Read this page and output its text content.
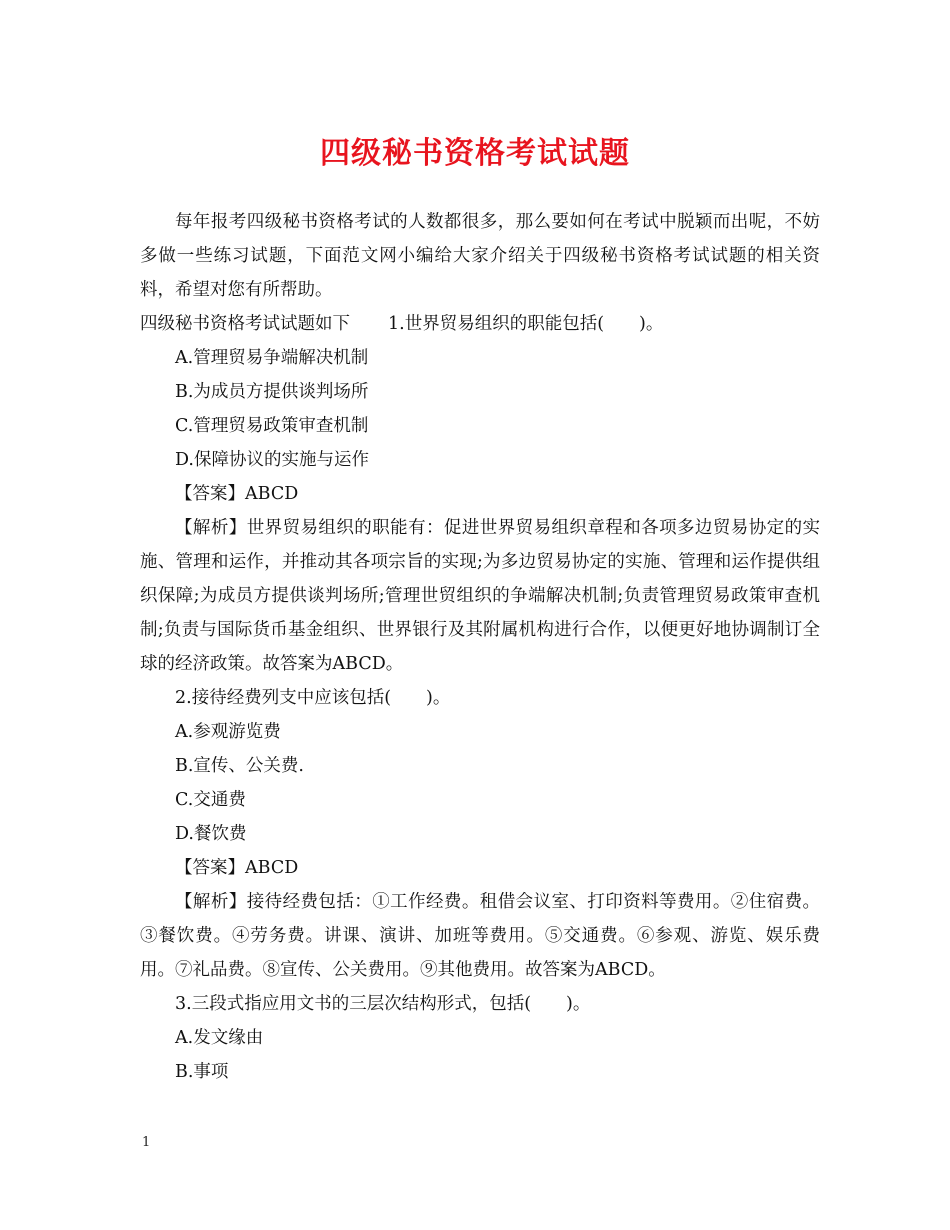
四级秘书资格考试试题

每年报考四级秘书资格考试的人数都很多，那么要如何在考试中脱颖而出呢，不妨多做一些练习试题，下面范文网小编给大家介绍关于四级秘书资格考试试题的相关资料，希望对您有所帮助。

四级秘书资格考试试题如下 1.世界贸易组织的职能包括(　　)。

A.管理贸易争端解决机制

B.为成员方提供谈判场所

C.管理贸易政策审查机制

D.保障协议的实施与运作

【答案】ABCD

【解析】世界贸易组织的职能有：促进世界贸易组织章程和各项多边贸易协定的实施、管理和运作，并推动其各项宗旨的实现;为多边贸易协定的实施、管理和运作提供组织保障;为成员方提供谈判场所;管理世贸组织的争端解决机制;负责管理贸易政策审查机制;负责与国际货币基金组织、世界银行及其附属机构进行合作，以便更好地协调制订全球的经济政策。故答案为ABCD。

2.接待经费列支中应该包括(　　)。

A.参观游览费

B.宣传、公关费.

C.交通费

D.餐饮费

【答案】ABCD

【解析】接待经费包括：①工作经费。租借会议室、打印资料等费用。②住宿费。③餐饮费。④劳务费。讲课、演讲、加班等费用。⑤交通费。⑥参观、游览、娱乐费用。⑦礼品费。⑧宣传、公关费用。⑨其他费用。故答案为ABCD。

3.三段式指应用文书的三层次结构形式，包括(　　)。

A.发文缘由

B.事项

1
